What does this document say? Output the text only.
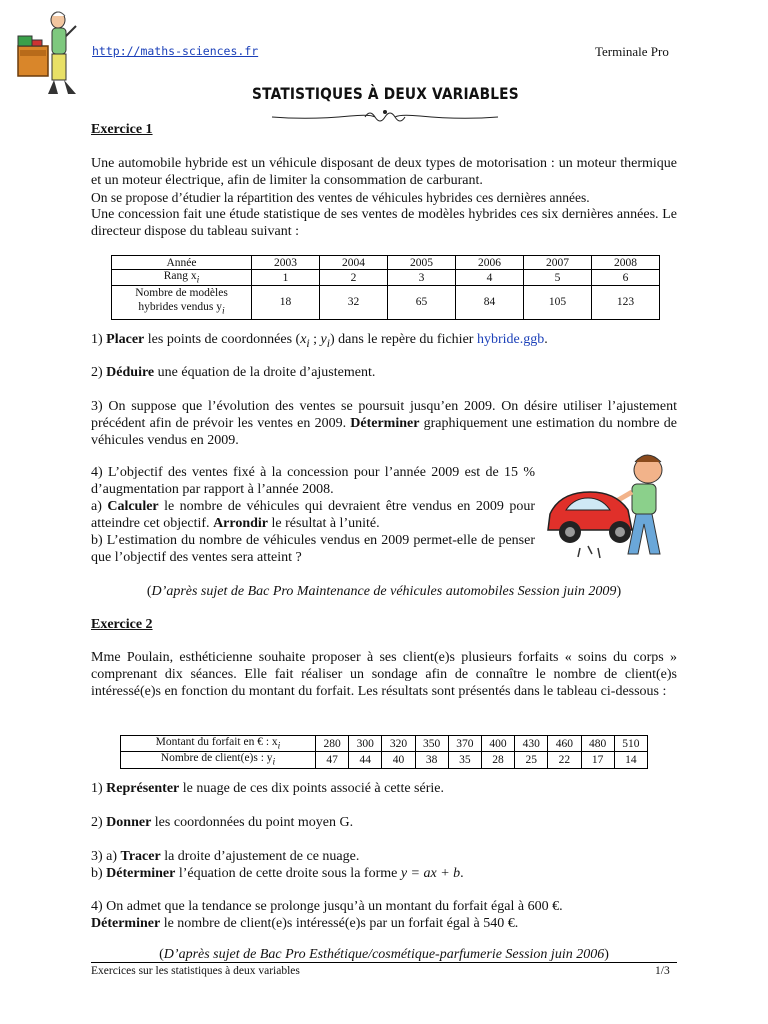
http://maths-sciences.fr	Terminale Pro
STATISTIQUES À DEUX VARIABLES
Exercice 1
Une automobile hybride est un véhicule disposant de deux types de motorisation : un moteur thermique et un moteur électrique, afin de limiter la consommation de carburant.
On se propose d’étudier la répartition des ventes de véhicules hybrides ces dernières années.
Une concession fait une étude statistique de ses ventes de modèles hybrides ces six dernières années. Le directeur dispose du tableau suivant :
Année	2003	2004	2005	2006	2007	2008
Rang $x_i$	1	2	3	4	5	6
Nombre de modèles
hybrides vendus $y_i$	18	32	65	84	105	123
1) Placer les points de coordonnées ($x_i$ ; $y_i$) dans le repère du fichier hybride.ggb.
2) Déduire une équation de la droite d’ajustement.
3) On suppose que l’évolution des ventes se poursuit jusqu’en 2009. On désire utiliser l’ajustement précédent afin de prévoir les ventes en 2009. Déterminer graphiquement une estimation du nombre de véhicules vendus en 2009.
4) L’objectif des ventes fixé à la concession pour l’année 2009 est de 15 % d’augmentation par rapport à l’année 2008.
a) Calculer le nombre de véhicules qui devraient être vendus en 2009 pour atteindre cet objectif. Arrondir le résultat à l’unité.
b) L’estimation du nombre de véhicules vendus en 2009 permet-elle de penser que l’objectif des ventes sera atteint ?
(D’après sujet de Bac Pro Maintenance de véhicules automobiles Session juin 2009)
Exercice 2
Mme Poulain, esthéticienne souhaite proposer à ses client(e)s plusieurs forfaits « soins du corps » comprenant dix séances. Elle fait réaliser un sondage afin de connaître le nombre de client(e)s intéressé(e)s en fonction du montant du forfait. Les résultats sont présentés dans le tableau ci-dessous :
Montant du forfait en € : $x_i$	280	300	320	350	370	400	430	460	480	510
Nombre de client(e)s : $y_i$	47	44	40	38	35	28	25	22	17	14
1) Représenter le nuage de ces dix points associé à cette série.
2) Donner les coordonnées du point moyen G.
3) a) Tracer la droite d’ajustement de ce nuage.
b) Déterminer l’équation de cette droite sous la forme y = ax + b.
4) On admet que la tendance se prolonge jusqu’à un montant du forfait égal à 600 €.
Déterminer le nombre de client(e)s intéressé(e)s par un forfait égal à 540 €.
(D’après sujet de Bac Pro Esthétique/cosmétique-parfumerie Session juin 2006)
Exercices sur les statistiques à deux variables	1/3
